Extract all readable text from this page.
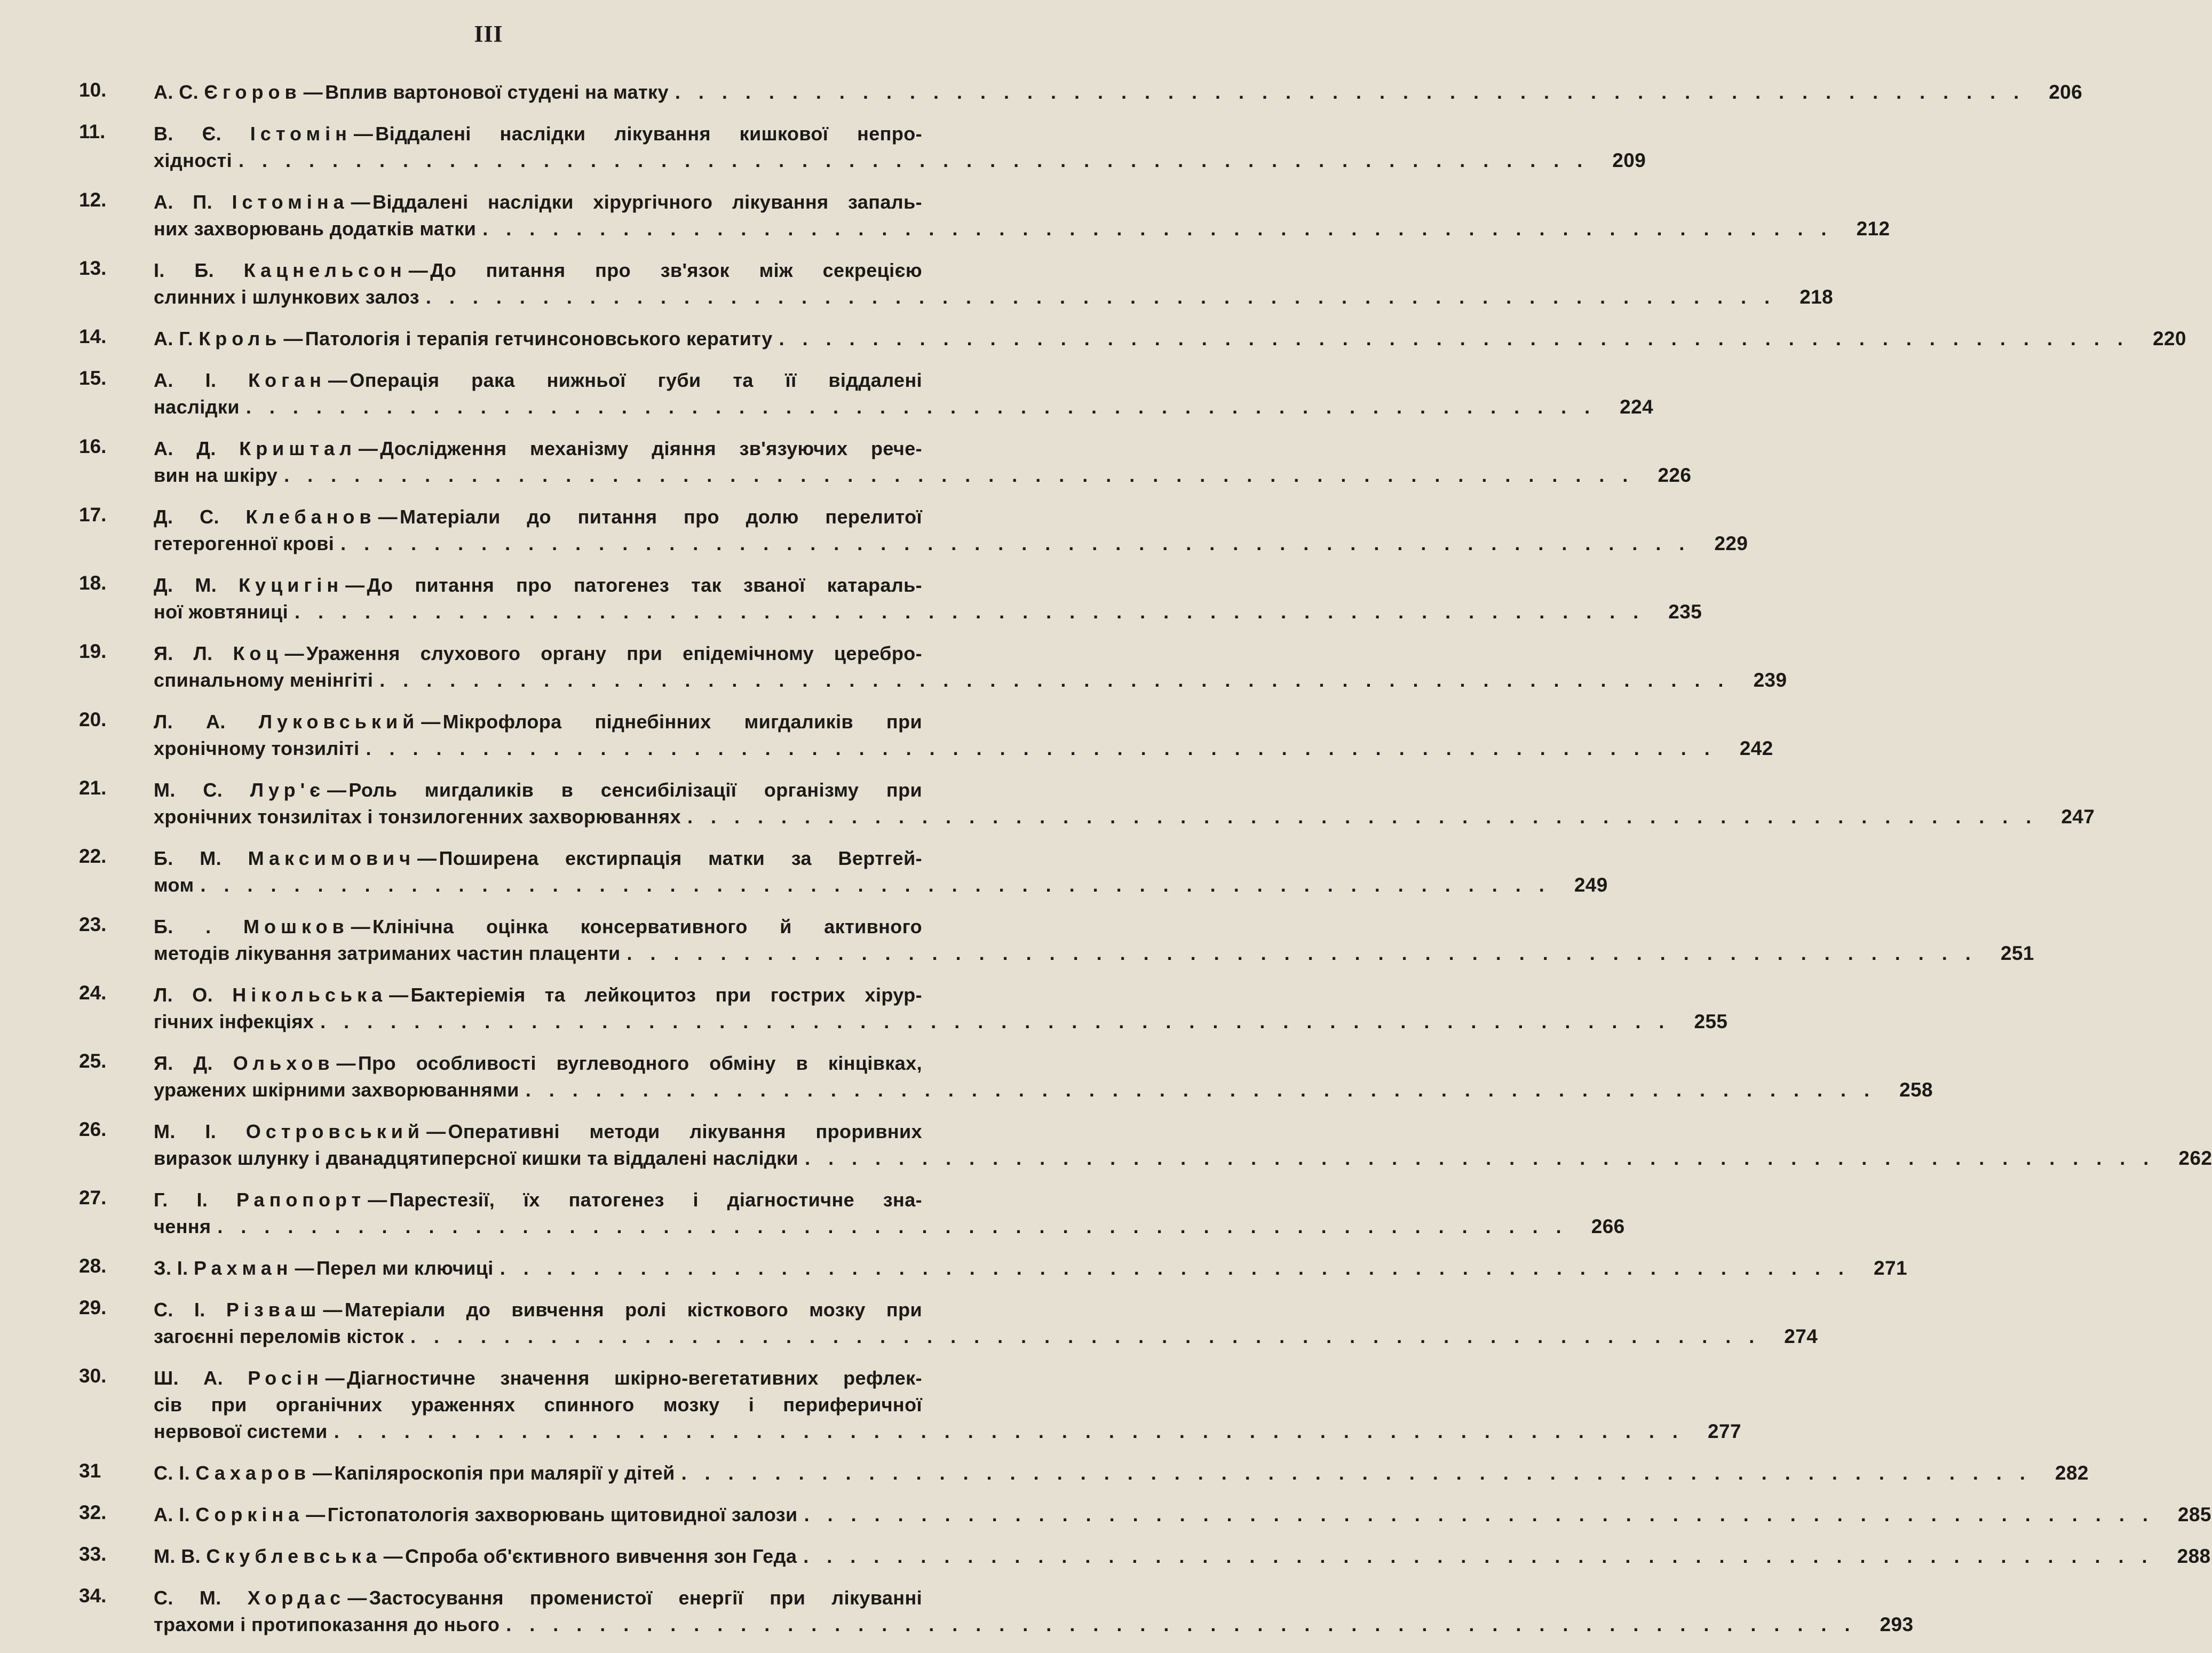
III
10.	А. С. Єгоров — Вплив вартонової студені на матку . . . . . . . . . . . . . . . . . . . . . . . . . . . . . . . . . . . . . . . . . . . . . . . . . . . . . . . . . .	206
11.	В. Є. Істомін — Віддалені наслідки лікування кишкової непро-
хідності . . . . . . . . . . . . . . . . . . . . . . . . . . . . . . . . . . . . . . . . . . . . . . . . . . . . . . . . . .	209
12.	А. П. Істоміна — Віддалені наслідки хірургічного лікування запаль-
них захворювань додатків матки . . . . . . . . . . . . . . . . . . . . . . . . . . . . . . . . . . . . . . . . . . . . . . . . . . . . . . . . . .	212
13.	І. Б. Кацнельсон — До питання про зв'язок між секрецією
слинних і шлункових залоз . . . . . . . . . . . . . . . . . . . . . . . . . . . . . . . . . . . . . . . . . . . . . . . . . . . . . . . . . .	218
14.	А. Г. Кроль — Патологія і терапія гетчинсоновського кератиту . . . . . . . . . . . . . . . . . . . . . . . . . . . . . . . . . . . . . . . . . . . . . . . . . . . . . . . . . .	220
15.	А. І. Коган — Операція рака нижньої губи та її віддалені
наслідки . . . . . . . . . . . . . . . . . . . . . . . . . . . . . . . . . . . . . . . . . . . . . . . . . . . . . . . . . .	224
16.	А. Д. Криштал — Дослідження механізму діяння зв'язуючих рече-
вин на шкіру . . . . . . . . . . . . . . . . . . . . . . . . . . . . . . . . . . . . . . . . . . . . . . . . . . . . . . . . . .	226
17.	Д. С. Клебанов — Матеріали до питання про долю перелитої
гетерогенної крові . . . . . . . . . . . . . . . . . . . . . . . . . . . . . . . . . . . . . . . . . . . . . . . . . . . . . . . . . .	229
18.	Д. М. Куцигін — До питання про патогенез так званої катараль-
ної жовтяниці . . . . . . . . . . . . . . . . . . . . . . . . . . . . . . . . . . . . . . . . . . . . . . . . . . . . . . . . . .	235
19.	Я. Л. Коц — Ураження слухового органу при епідемічному церебро-
спинальному менінгіті . . . . . . . . . . . . . . . . . . . . . . . . . . . . . . . . . . . . . . . . . . . . . . . . . . . . . . . . . .	239
20.	Л. А. Луковський — Мікрофлора піднебінних мигдаликів при
хронічному тонзиліті . . . . . . . . . . . . . . . . . . . . . . . . . . . . . . . . . . . . . . . . . . . . . . . . . . . . . . . . . .	242
21.	М. С. Лур'є — Роль мигдаликів в сенсибілізації організму при
хронічних тонзилітах і тонзилогенних захворюваннях . . . . . . . . . . . . . . . . . . . . . . . . . . . . . . . . . . . . . . . . . . . . . . . . . . . . . . . . . .	247
22.	Б. М. Максимович — Поширена екстирпація матки за Вертгей-
мом . . . . . . . . . . . . . . . . . . . . . . . . . . . . . . . . . . . . . . . . . . . . . . . . . . . . . . . . . .	249
23.	Б. . Мошков — Клінічна оцінка консервативного й активного
методів лікування затриманих частин плаценти . . . . . . . . . . . . . . . . . . . . . . . . . . . . . . . . . . . . . . . . . . . . . . . . . . . . . . . . . .	251
24.	Л. О. Нікольська — Бактеріемія та лейкоцитоз при гострих хірур-
гічних інфекціях . . . . . . . . . . . . . . . . . . . . . . . . . . . . . . . . . . . . . . . . . . . . . . . . . . . . . . . . . .	255
25.	Я. Д. Ольхов — Про особливості вуглеводного обміну в кінцівках,
уражених шкірними захворюваннями . . . . . . . . . . . . . . . . . . . . . . . . . . . . . . . . . . . . . . . . . . . . . . . . . . . . . . . . . .	258
26.	М. І. Островський — Оперативні методи лікування проривних
виразок шлунку і дванадцятиперсної кишки та віддалені наслідки . . . . . . . . . . . . . . . . . . . . . . . . . . . . . . . . . . . . . . . . . . . . . . . . . . . . . . . . . .	262
27.	Г. І. Рапопорт — Парестезії, їх патогенез і діагностичне зна-
чення . . . . . . . . . . . . . . . . . . . . . . . . . . . . . . . . . . . . . . . . . . . . . . . . . . . . . . . . . .	266
28.	З. І. Рахман — Перел ми ключиці . . . . . . . . . . . . . . . . . . . . . . . . . . . . . . . . . . . . . . . . . . . . . . . . . . . . . . . . . .	271
29.	С. І. Різваш — Матеріали до вивчення ролі кісткового мозку при
загоєнні переломів кісток . . . . . . . . . . . . . . . . . . . . . . . . . . . . . . . . . . . . . . . . . . . . . . . . . . . . . . . . . .	274
30.	Ш. А. Росін — Діагностичне значення шкірно-вегетативних рефлек-
сів при органічних ураженнях спинного мозку і периферичної
нервової системи . . . . . . . . . . . . . . . . . . . . . . . . . . . . . . . . . . . . . . . . . . . . . . . . . . . . . . . . . .	277
31	С. І. Сахаров — Капіляроскопія при малярії у дітей . . . . . . . . . . . . . . . . . . . . . . . . . . . . . . . . . . . . . . . . . . . . . . . . . . . . . . . . . .	282
32.	А. І. Соркіна — Гістопатологія захворювань щитовидної залози . . . . . . . . . . . . . . . . . . . . . . . . . . . . . . . . . . . . . . . . . . . . . . . . . . . . . . . . . .	285
33.	М. В. Скублевська — Спроба об'єктивного вивчення зон Геда . . . . . . . . . . . . . . . . . . . . . . . . . . . . . . . . . . . . . . . . . . . . . . . . . . . . . . . . . .	288
34.	С. М. Хордас — Застосування променистої енергії при лікуванні
трахоми і протипоказання до нього . . . . . . . . . . . . . . . . . . . . . . . . . . . . . . . . . . . . . . . . . . . . . . . . . . . . . . . . . .	293
